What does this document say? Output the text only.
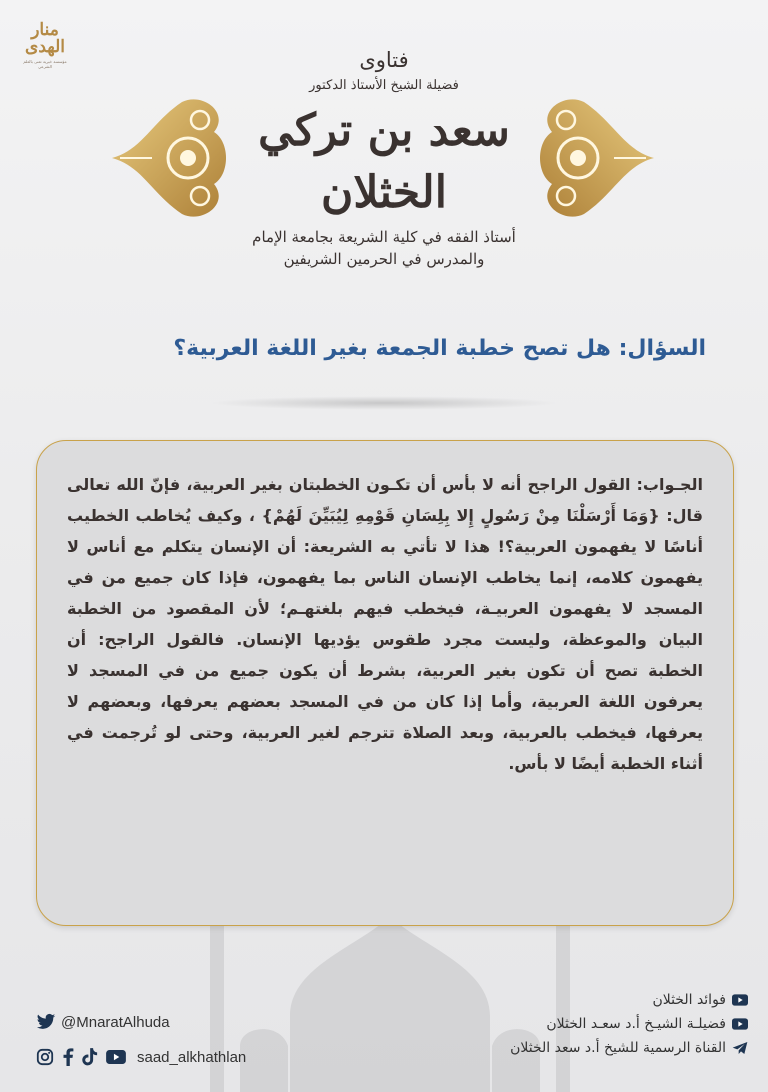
منار الهدى
مؤسسة خيرية تعنى بالعلم الشرعي	فتاوى
فضيلة الشيخ الأستاذ الدكتور
سعد بن تركي الخثلان
أستاذ الفقه في كلية الشريعة بجامعة الإمام
والمدرس في الحرمين الشريفين
السؤال: هل تصح خطبة الجمعة بغير اللغة العربية؟

الجـواب: القول الراجح أنه لا بأس أن تكـون الخطبتان بغير العربية، فإنّ الله تعالى قال: {وَمَا أَرْسَلْنَا مِنْ رَسُولٍ إِلا بِلِسَانِ قَوْمِهِ لِيُبَيِّنَ لَهُمْ} ، وكيف يُخاطب الخطيب أناسًا لا يفهمون العربية؟! هذا لا تأتي به الشريعة: أن الإنسان يتكلم مع أناس لا يفهمون كلامه، إنما يخاطب الإنسان الناس بما يفهمون، فإذا كان جميع من في المسجد لا يفهمون العربيـة، فيخطب فيهم بلغتهـم؛ لأن المقصود من الخطبة البيان والموعظة، وليست مجرد طقوس يؤديها الإنسان. فالقول الراجح: أن الخطبة تصح أن تكون بغير العربية، بشرط أن يكون جميع من في المسجد لا يعرفون اللغة العربية، وأما إذا كان من في المسجد بعضهم يعرفها، وبعضهم لا يعرفها، فيخطب بالعربية، وبعد الصلاة تترجم لغير العربية، وحتى لو تُرجمت في أثناء الخطبة أيضًا لا بأس.

@MnaratAlhuda
saad_alkhathlan
فوائد الخثلان
فضيلـة الشيـخ أ.د سعـد الخثلان
القناة الرسمية للشيخ أ.د سعد الخثلان
